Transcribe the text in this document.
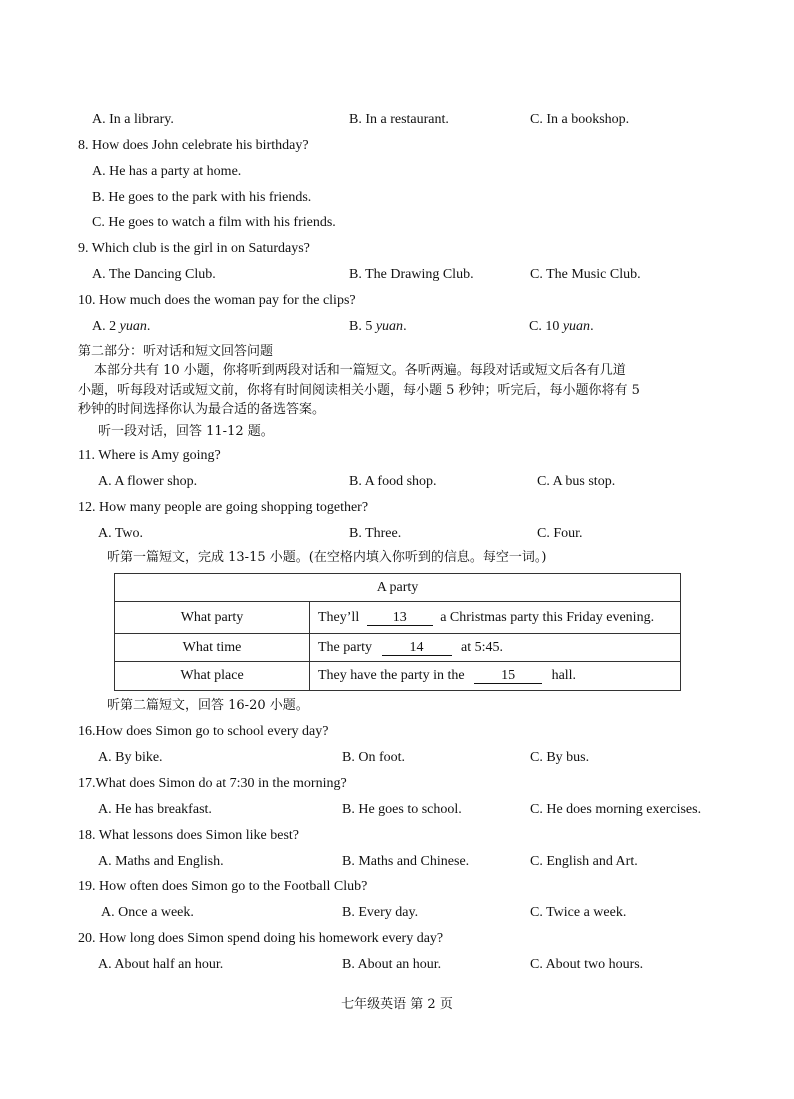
A. In a library.	B. In a restaurant.	C. In a bookshop.
8. How does John celebrate his birthday?
A. He has a party at home.
B. He goes to the park with his friends.
C. He goes to watch a film with his friends.
9. Which club is the girl in on Saturdays?
A. The Dancing Club.	B. The Drawing Club.	C. The Music Club.
10. How much does the woman pay for the clips?
A. 2 yuan.	B. 5 yuan.	C. 10 yuan.
第二部分：听对话和短文回答问题
本部分共有 10 小题，你将听到两段对话和一篇短文。各听两遍。每段对话或短文后各有几道
小题，听每段对话或短文前，你将有时间阅读相关小题，每小题 5 秒钟；听完后，每小题你将有 5
秒钟的时间选择你认为最合适的备选答案。
听一段对话，回答 11-12 题。
11. Where is Amy going?
A. A flower shop.	B. A food shop.	C. A bus stop.
12. How many people are going shopping together?
A. Two.	B. Three.	C. Four.
听第一篇短文，完成 13-15 小题。(在空格内填入你听到的信息。每空一词。)
A party	
What party	They’ll 13 a Christmas party this Friday evening.
What time	The party 14 at 5:45.
What place	They have the party in the 15 hall.
听第二篇短文，回答 16-20 小题。
16.How does Simon go to school every day?
A. By bike.	B. On foot.	C. By bus.
17.What does Simon do at 7:30 in the morning?
A. He has breakfast.	B. He goes to school.	C. He does morning exercises.
18. What lessons does Simon like best?
A. Maths and English.	B. Maths and Chinese.	C. English and Art.
19. How often does Simon go to the Football Club?
A. Once a week.	B. Every day.	C. Twice a week.
20. How long does Simon spend doing his homework every day?
A. About half an hour.	B. About an hour.	C. About two hours.
七年级英语 第 2 页
